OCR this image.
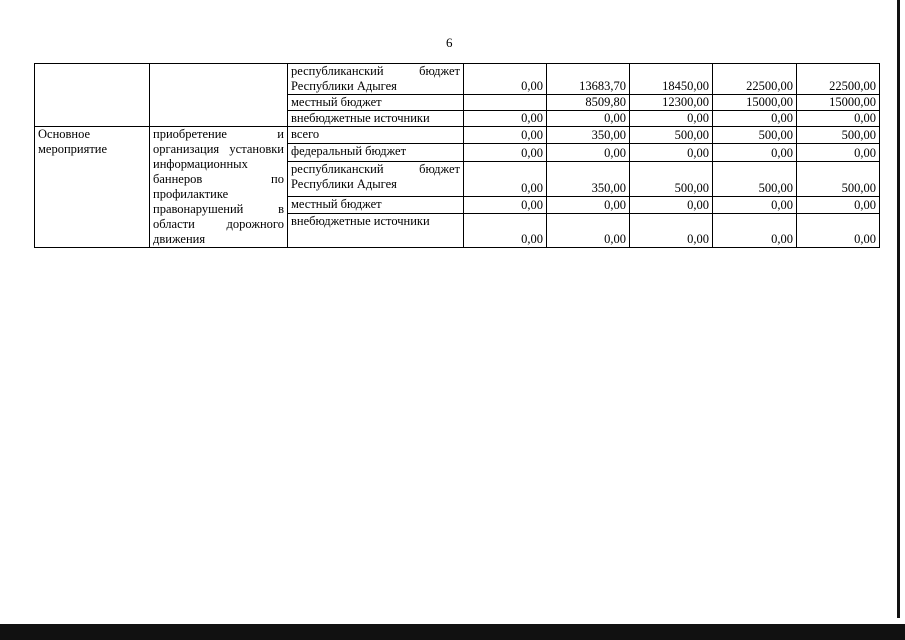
6
		республиканский бюджет Республики Адыгея	0,00	13683,70	18450,00	22500,00	22500,00
		местный бюджет		8509,80	12300,00	15000,00	15000,00
		внебюджетные источники	0,00	0,00	0,00	0,00	0,00
Основное мероприятие	приобретение и организация установки информационных баннеров по профилактике правонарушений в области дорожного движения	всего	0,00	350,00	500,00	500,00	500,00
		федеральный бюджет	0,00	0,00	0,00	0,00	0,00
		республиканский бюджет Республики Адыгея	0,00	350,00	500,00	500,00	500,00
		местный бюджет	0,00	0,00	0,00	0,00	0,00
		внебюджетные источники	0,00	0,00	0,00	0,00	0,00
